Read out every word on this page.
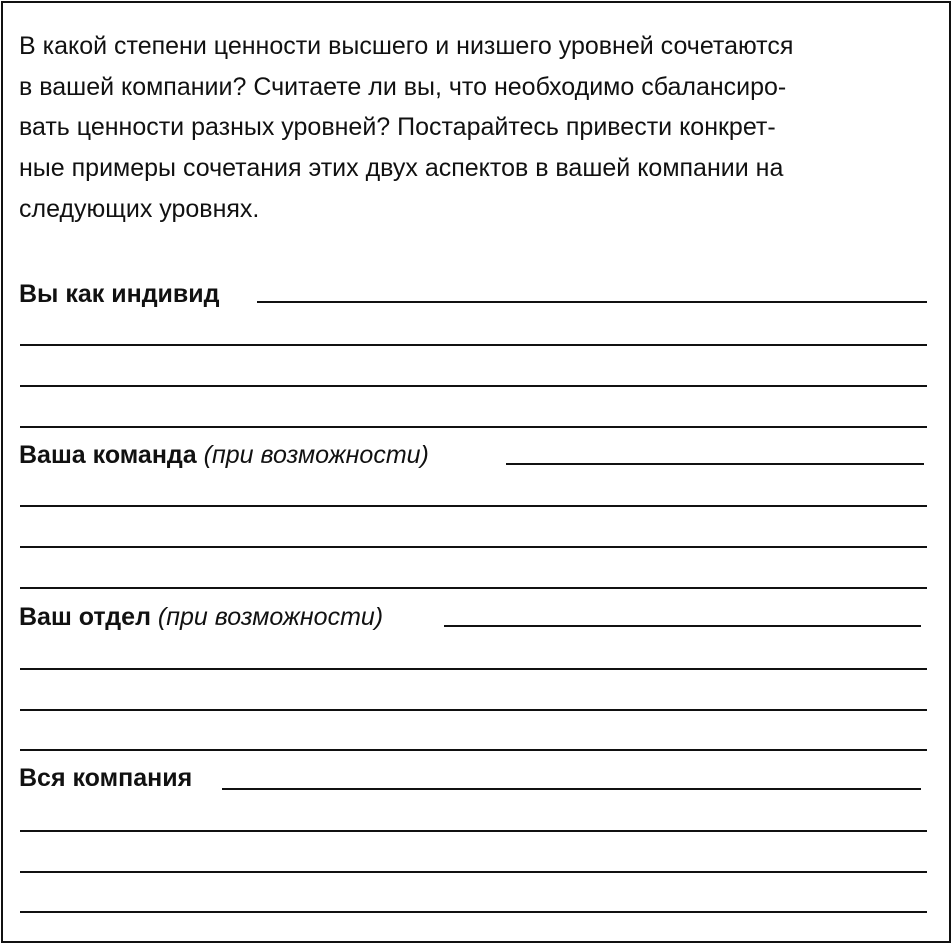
В какой степени ценности высшего и низшего уровней сочетаются
в вашей компании? Считаете ли вы, что необходимо сбалансиро-
вать ценности разных уровней? Постарайтесь привести конкрет-
ные примеры сочетания этих двух аспектов в вашей компании на
следующих уровнях.
Вы как индивид
Ваша команда (при возможности)
Ваш отдел (при возможности)
Вся компания
